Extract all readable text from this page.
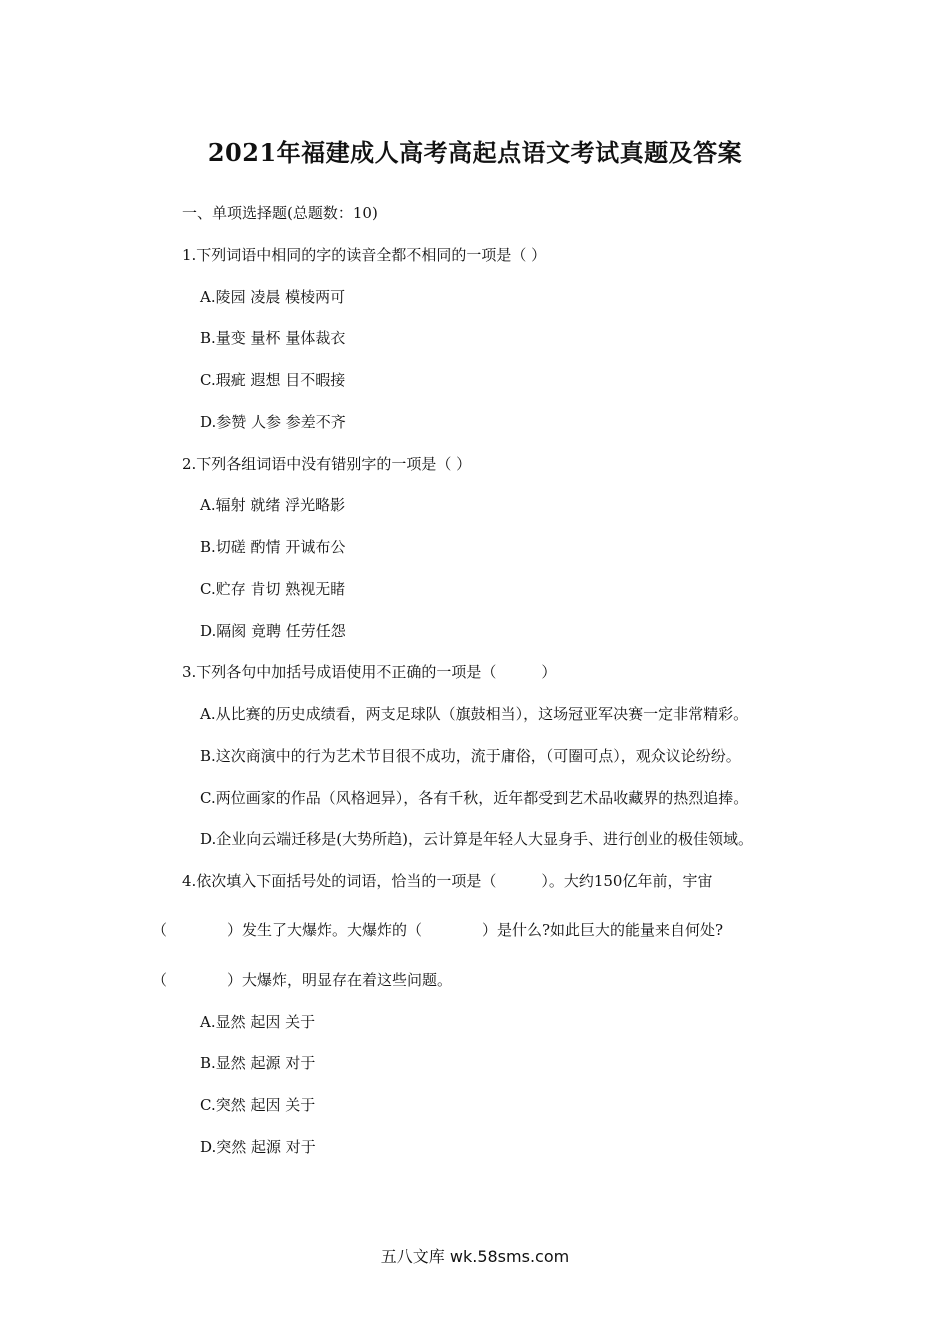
2021年福建成人高考高起点语文考试真题及答案
一、单项选择题(总题数：10)
1.下列词语中相同的字的读音全都不相同的一项是（ ）
A.陵园 凌晨 模棱两可
B.量变 量杯 量体裁衣
C.瑕疵 遐想 目不暇接
D.参赞 人参 参差不齐
2.下列各组词语中没有错别字的一项是（ ）
A.辐射 就绪 浮光略影
B.切磋 酌情 开诚布公
C.贮存 肯切 熟视无睹
D.隔阂 竟聘 任劳任怨
3.下列各句中加括号成语使用不正确的一项是（　　　）
A.从比赛的历史成绩看，两支足球队（旗鼓相当），这场冠亚军决赛一定非常精彩。
B.这次商演中的行为艺术节目很不成功，流于庸俗，（可圈可点），观众议论纷纷。
C.两位画家的作品（风格迥异），各有千秋，近年都受到艺术品收藏界的热烈追捧。
D.企业向云端迁移是(大势所趋)，云计算是年轻人大显身手、进行创业的极佳领域。
4.依次填入下面括号处的词语，恰当的一项是（　　　）。大约150亿年前，宇宙
（　　　　）发生了大爆炸。大爆炸的（　　　　）是什么?如此巨大的能量来自何处?
（　　　　）大爆炸，明显存在着这些问题。
A.显然 起因 关于
B.显然 起源 对于
C.突然 起因 关于
D.突然 起源 对于
五八文库 wk.58sms.com
